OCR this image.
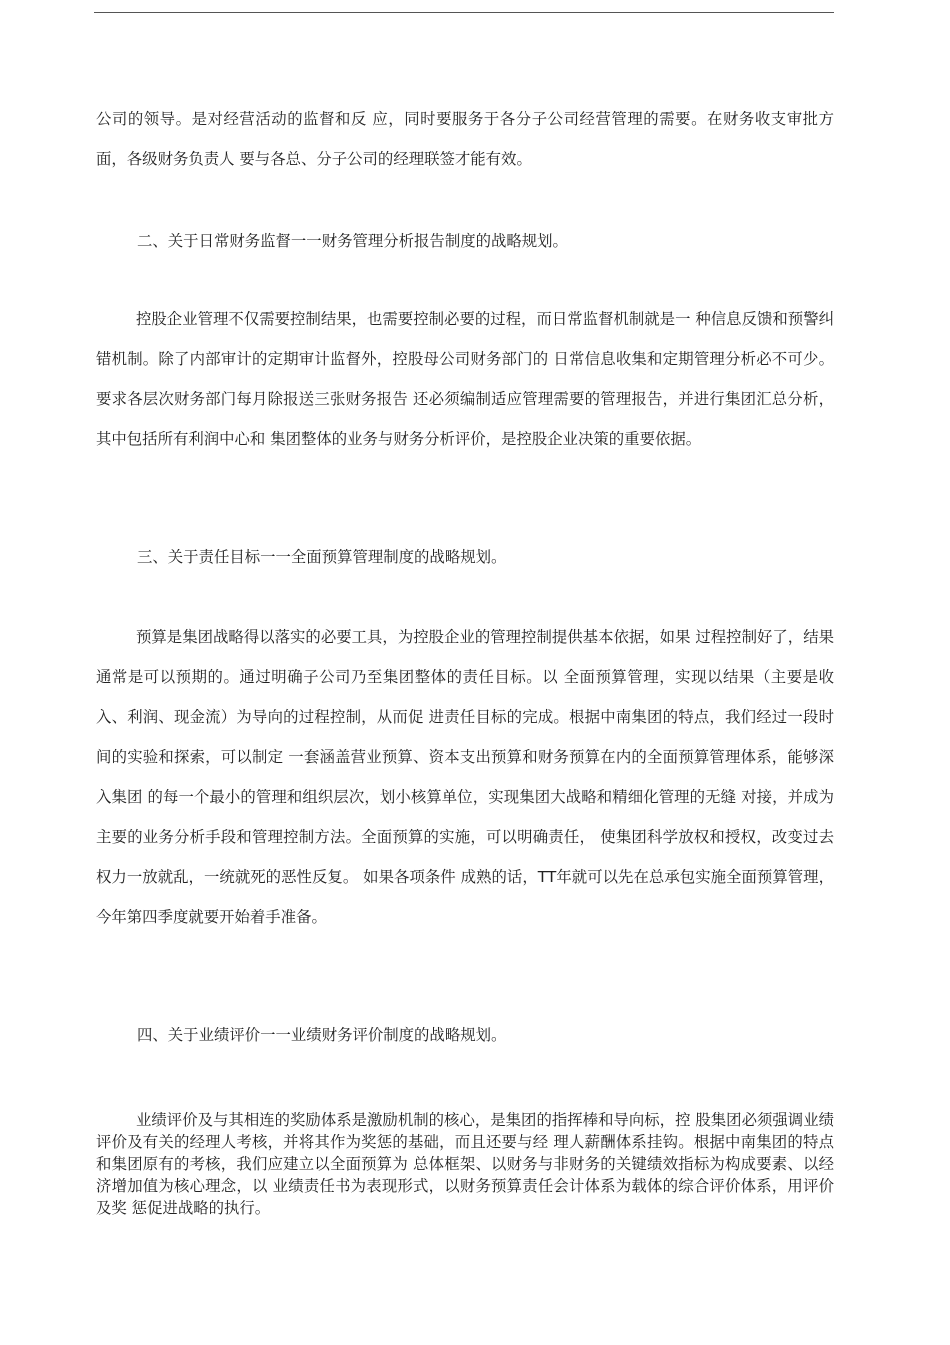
公司的领导。是对经营活动的监督和反 应，同时要服务于各分子公司经营管理的需要。在财务收支审批方面，各级财务负责人 要与各总、分子公司的经理联签才能有效。

二、关于日常财务监督一一财务管理分析报告制度的战略规划。

控股企业管理不仅需要控制结果，也需要控制必要的过程，而日常监督机制就是一 种信息反馈和预警纠错机制。除了内部审计的定期审计监督外，控股母公司财务部门的 日常信息收集和定期管理分析必不可少。要求各层次财务部门每月除报送三张财务报告 还必须编制适应管理需要的管理报告，并进行集团汇总分析，其中包括所有利润中心和 集团整体的业务与财务分析评价，是控股企业决策的重要依据。

三、关于责任目标一一全面预算管理制度的战略规划。

预算是集团战略得以落实的必要工具，为控股企业的管理控制提供基本依据，如果 过程控制好了，结果通常是可以预期的。通过明确子公司乃至集团整体的责任目标。以 全面预算管理，实现以结果（主要是收入、利润、现金流）为导向的过程控制，从而促 进责任目标的完成。根据中南集团的特点，我们经过一段时间的实验和探索，可以制定 一套涵盖营业预算、资本支出预算和财务预算在内的全面预算管理体系，能够深入集团 的每一个最小的管理和组织层次，划小核算单位，实现集团大战略和精细化管理的无缝 对接，并成为主要的业务分析手段和管理控制方法。全面预算的实施，可以明确责任， 使集团科学放权和授权，改变过去权力一放就乱，一统就死的恶性反复。 如果各项条件 成熟的话，TT年就可以先在总承包实施全面预算管理，今年第四季度就要开始着手准备。

四、关于业绩评价一一业绩财务评价制度的战略规划。

业绩评价及与其相连的奖励体系是激励机制的核心，是集团的指挥棒和导向标，控 股集团必须强调业绩评价及有关的经理人考核，并将其作为奖惩的基础，而且还要与经 理人薪酬体系挂钩。根据中南集团的特点和集团原有的考核，我们应建立以全面预算为 总体框架、以财务与非财务的关键绩效指标为构成要素、以经济增加值为核心理念，以 业绩责任书为表现形式，以财务预算责任会计体系为载体的综合评价体系，用评价及奖 惩促进战略的执行。
